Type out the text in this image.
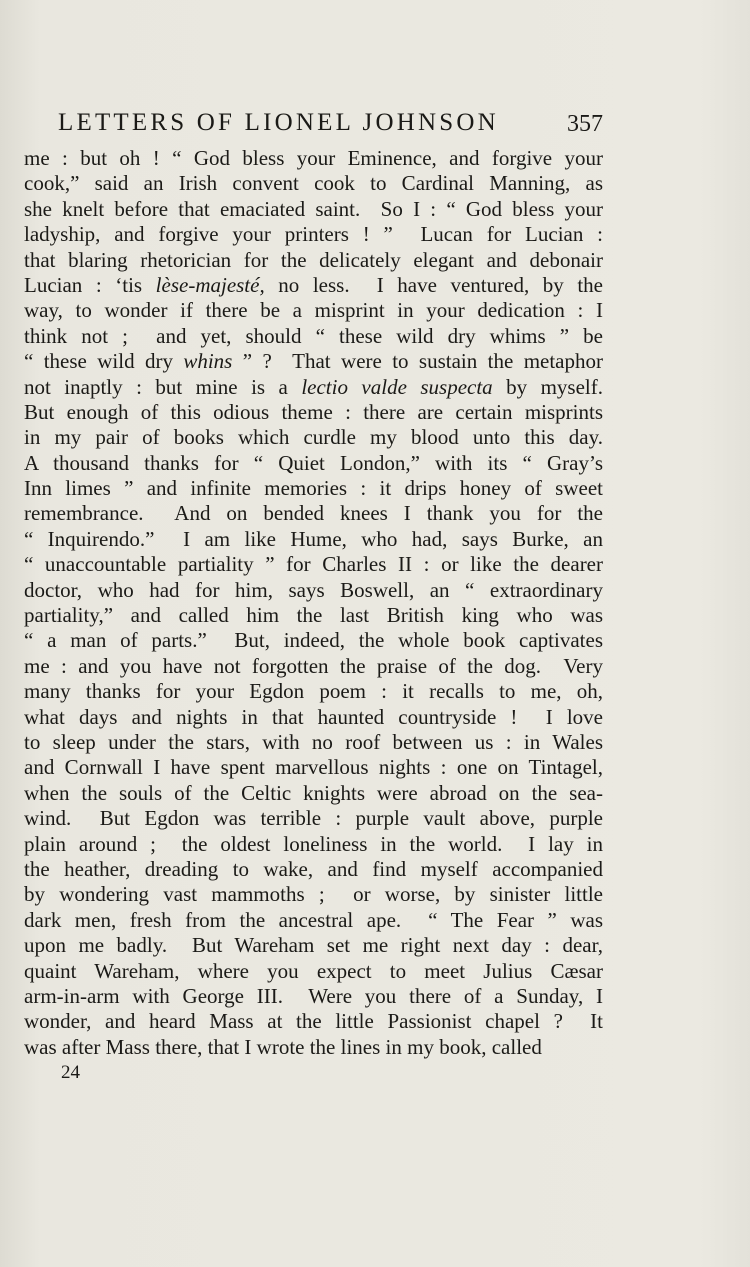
LETTERS OF LIONEL JOHNSON	357
me : but oh ! “ God bless your Eminence, and forgive your
cook,” said an Irish convent cook to Cardinal Manning, as
she knelt before that emaciated saint.  So I : “ God bless your
ladyship, and forgive your printers ! ”  Lucan for Lucian :
that blaring rhetorician for the delicately elegant and debonair
Lucian : ‘tis lèse-majesté, no less.  I have ventured, by the
way, to wonder if there be a misprint in your dedication : I
think not ;  and yet, should “ these wild dry whims ” be
“ these wild dry whins ” ?  That were to sustain the metaphor
not inaptly : but mine is a lectio valde suspecta by myself.
But enough of this odious theme : there are certain misprints
in my pair of books which curdle my blood unto this day.
A thousand thanks for “ Quiet London,” with its “ Gray’s
Inn limes ” and infinite memories : it drips honey of sweet
remembrance.  And on bended knees I thank you for the
“ Inquirendo.”  I am like Hume, who had, says Burke, an
“ unaccountable partiality ” for Charles II : or like the dearer
doctor, who had for him, says Boswell, an “ extraordinary
partiality,” and called him the last British king who was
“ a man of parts.”  But, indeed, the whole book captivates
me : and you have not forgotten the praise of the dog.  Very
many thanks for your Egdon poem : it recalls to me, oh,
what days and nights in that haunted countryside !  I love
to sleep under the stars, with no roof between us : in Wales
and Cornwall I have spent marvellous nights : one on Tintagel,
when the souls of the Celtic knights were abroad on the sea-
wind.  But Egdon was terrible : purple vault above, purple
plain around ;  the oldest loneliness in the world.  I lay in
the heather, dreading to wake, and find myself accompanied
by wondering vast mammoths ;  or worse, by sinister little
dark men, fresh from the ancestral ape.  “ The Fear ” was
upon me badly.  But Wareham set me right next day : dear,
quaint Wareham, where you expect to meet Julius Cæsar
arm-in-arm with George III.  Were you there of a Sunday, I
wonder, and heard Mass at the little Passionist chapel ?  It
was after Mass there, that I wrote the lines in my book, called
24
